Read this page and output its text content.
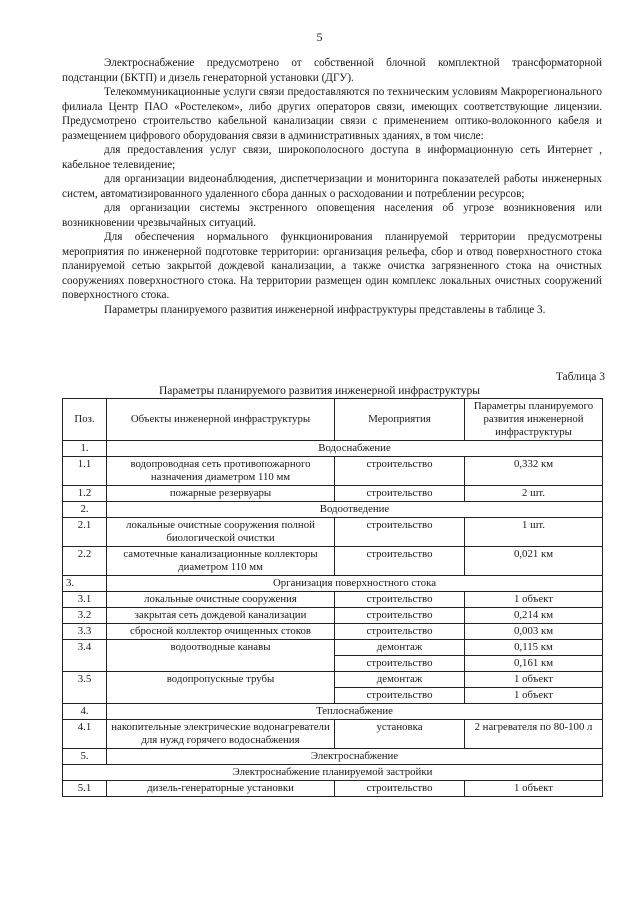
5

Электроснабжение предусмотрено от собственной блочной комплектной трансформаторной подстанции (БКТП) и дизель генераторной установки (ДГУ).

Телекоммуникационные услуги связи предоставляются по техническим условиям Макрорегионального филиала Центр ПАО «Ростелеком», либо других операторов связи, имеющих соответствующие лицензии. Предусмотрено строительство кабельной канализации связи с применением оптико-волоконного кабеля и размещением цифрового оборудования связи в административных зданиях, в том числе:

для предоставления услуг связи, широкополосного доступа в информационную сеть Интернет , кабельное телевидение;

для организации видеонаблюдения, диспетчеризации и мониторинга показателей работы инженерных систем, автоматизированного удаленного сбора данных о расходовании и потреблении ресурсов;

для организации системы экстренного оповещения населения об угрозе возникновения или возникновении чрезвычайных ситуаций.

Для обеспечения нормального функционирования планируемой территории предусмотрены мероприятия по инженерной подготовке территории: организация рельефа, сбор и отвод поверхностного стока планируемой сетью закрытой дождевой канализации, а также очистка загрязненного стока на очистных сооружениях поверхностного стока. На территории размещен один комплекс локальных очистных сооружений поверхностного стока.

Параметры планируемого развития инженерной инфраструктуры представлены в таблице 3.

Таблица 3
Параметры планируемого развития инженерной инфраструктуры
Поз.	Объекты инженерной инфраструктуры	Мероприятия	Параметры планируемого развития инженерной инфраструктуры
1.	Водоснабжение		
1.1	водопроводная сеть противопожарного назначения диаметром 110 мм	строительство	0,332 км
1.2	пожарные резервуары	строительство	2 шт.
2.	Водоотведение		
2.1	локальные очистные сооружения полной биологической очистки	строительство	1 шт.
2.2	самотечные канализационные коллекторы диаметром 110 мм	строительство	0,021 км
3.	Организация поверхностного стока		
3.1	локальные очистные сооружения	строительство	1 объект
3.2	закрытая сеть дождевой канализации	строительство	0,214 км
3.3	сбросной коллектор очищенных стоков	строительство	0,003 км
3.4	водоотводные канавы	демонтаж	0,115 км
		строительство	0,161 км
3.5	водопропускные трубы	демонтаж	1 объект
		строительство	1 объект
4.	Теплоснабжение		
4.1	накопительные электрические водонагреватели для нужд горячего водоснабжения	установка	2 нагревателя по 80-100 л
5.	Электроснабжение		
Электроснабжение планируемой застройки			
5.1	дизель-генераторные установки	строительство	1 объект
